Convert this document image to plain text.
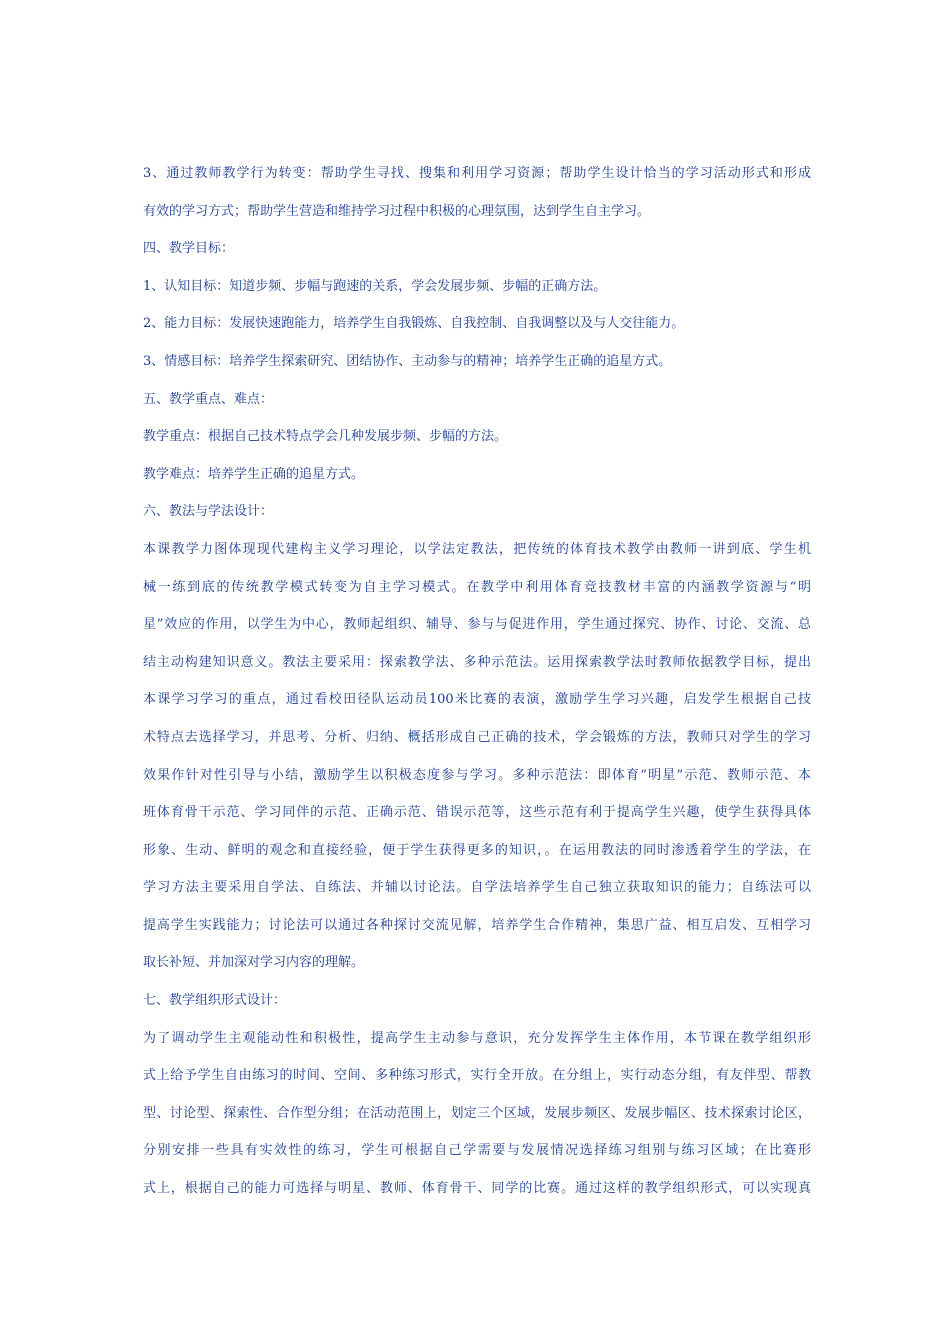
3、通过教师教学行为转变：帮助学生寻找、搜集和利用学习资源；帮助学生设计恰当的学习活动形式和形成
有效的学习方式；帮助学生营造和维持学习过程中积极的心理氛围，达到学生自主学习。
四、教学目标：
1、认知目标：知道步频、步幅与跑速的关系，学会发展步频、步幅的正确方法。
2、能力目标：发展快速跑能力，培养学生自我锻炼、自我控制、自我调整以及与人交往能力。
3、情感目标：培养学生探索研究、团结协作、主动参与的精神；培养学生正确的追星方式。
五、教学重点、难点：
教学重点：根据自己技术特点学会几种发展步频、步幅的方法。
教学难点：培养学生正确的追星方式。
六、教法与学法设计：
本课教学力图体现现代建构主义学习理论，以学法定教法，把传统的体育技术教学由教师一讲到底、学生机
械一练到底的传统教学模式转变为自主学习模式。在教学中利用体育竞技教材丰富的内涵教学资源与“明
星”效应的作用，以学生为中心，教师起组织、辅导、参与与促进作用，学生通过探究、协作、讨论、交流、总
结主动构建知识意义。教法主要采用：探索教学法、多种示范法。运用探索教学法时教师依据教学目标，提出
本课学习学习的重点，通过看校田径队运动员100米比赛的表演，激励学生学习兴趣，启发学生根据自己技
术特点去选择学习，并思考、分析、归纳、概括形成自己正确的技术，学会锻炼的方法，教师只对学生的学习
效果作针对性引导与小结，激励学生以积极态度参与学习。多种示范法：即体育“明星”示范、教师示范、本
班体育骨干示范、学习同伴的示范、正确示范、错误示范等，这些示范有利于提高学生兴趣，使学生获得具体
形象、生动、鲜明的观念和直接经验，便于学生获得更多的知识，。在运用教法的同时渗透着学生的学法，在
学习方法主要采用自学法、自练法、并辅以讨论法。自学法培养学生自己独立获取知识的能力；自练法可以
提高学生实践能力；讨论法可以通过各种探讨交流见解，培养学生合作精神，集思广益、相互启发、互相学习
取长补短、并加深对学习内容的理解。
七、教学组织形式设计：
为了调动学生主观能动性和积极性，提高学生主动参与意识，充分发挥学生主体作用，本节课在教学组织形
式上给予学生自由练习的时间、空间、多种练习形式，实行全开放。在分组上，实行动态分组，有友伴型、帮教
型、讨论型、探索性、合作型分组；在活动范围上，划定三个区域，发展步频区、发展步幅区、技术探索讨论区，
分别安排一些具有实效性的练习，学生可根据自己学需要与发展情况选择练习组别与练习区域；在比赛形
式上，根据自己的能力可选择与明星、教师、体育骨干、同学的比赛。通过这样的教学组织形式，可以实现真
